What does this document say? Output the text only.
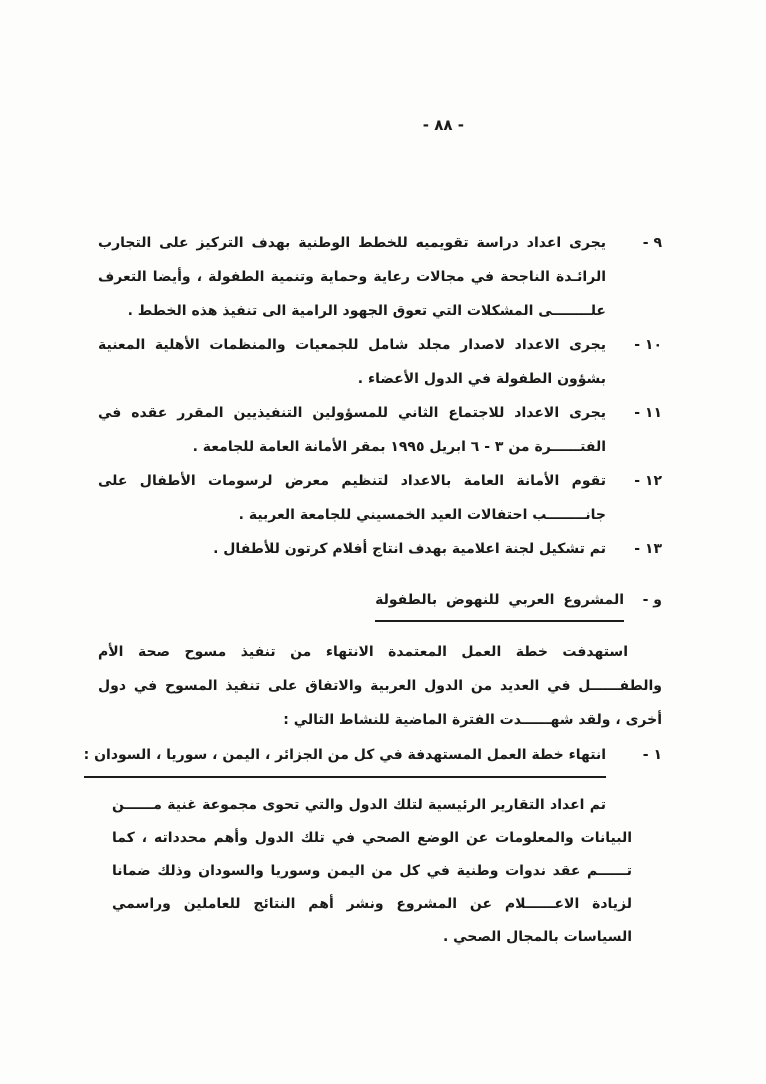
- ٨٨ -
٩ -
يجرى اعداد دراسة تقويميه للخطط الوطنية بهدف التركيز على التجارب الرائـدة الناجحة في مجالات رعاية وحماية وتنمية الطفولة ، وأيضا التعرف علــــــــى المشكلات التي تعوق الجهود الرامية الى تنفيذ هذه الخطط .
١٠ -
يجرى الاعداد لاصدار مجلد شامل للجمعيات والمنظمات الأهلية المعنية بشؤون الطفولة في الدول الأعضاء .
١١ -
يجرى الاعداد للاجتماع الثاني للمسؤولين التنفيذيين المقرر عقده في الفتــــــرة من ٣ - ٦ ابريل ١٩٩٥ بمقر الأمانة العامة للجامعة .
١٢ -
تقوم الأمانة العامة بالاعداد لتنظيم معرض لرسومات الأطفال على جانــــــــب احتفالات العيد الخمسيني للجامعة العربية .
١٣ -
تم تشكيل لجنة اعلامية بهدف انتاج أفلام كرتون للأطفال .
و -
المشروع العربي للنهوض بالطفولة

استهدفت خطة العمل المعتمدة الانتهاء من تنفيذ مسوح صحة الأم والطفــــــل في العديد من الدول العربية والاتفاق على تنفيذ المسوح في دول أخرى ، ولقد شهــــــدت الفترة الماضية للنشاط التالي :

١ -
انتهاء خطة العمل المستهدفة في كل من الجزائر ، اليمن ، سوريا ، السودان :

تم اعداد التقارير الرئيسية لتلك الدول والتي تحوى مجموعة غنية مــــــن البيانات والمعلومات عن الوضع الصحي في تلك الدول وأهم محدداته ، كما تــــــم عقد ندوات وطنية في كل من اليمن وسوريا والسودان وذلك ضمانا لزيادة الاعــــــلام عن المشروع ونشر أهم النتائج للعاملين وراسمي السياسات بالمجال الصحي .
